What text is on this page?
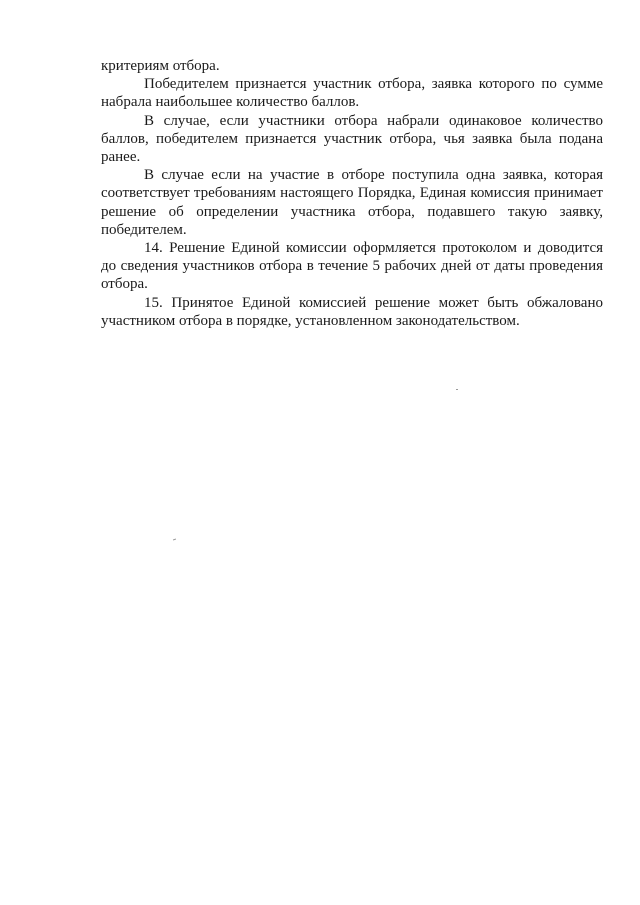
критериям отбора.

Победителем признается участник отбора, заявка которого по сумме набрала наибольшее количество баллов.

В случае, если участники отбора набрали одинаковое количество баллов, победителем признается участник отбора, чья заявка была подана ранее.

В случае если на участие в отборе поступила одна заявка, которая соответствует требованиям настоящего Порядка, Единая комиссия принимает решение об определении участника отбора, подавшего такую заявку, победителем.

14. Решение Единой комиссии оформляется протоколом и доводится до сведения участников отбора в течение 5 рабочих дней от даты проведения отбора.

15. Принятое Единой комиссией решение может быть обжаловано участником отбора в порядке, установленном законодательством.
